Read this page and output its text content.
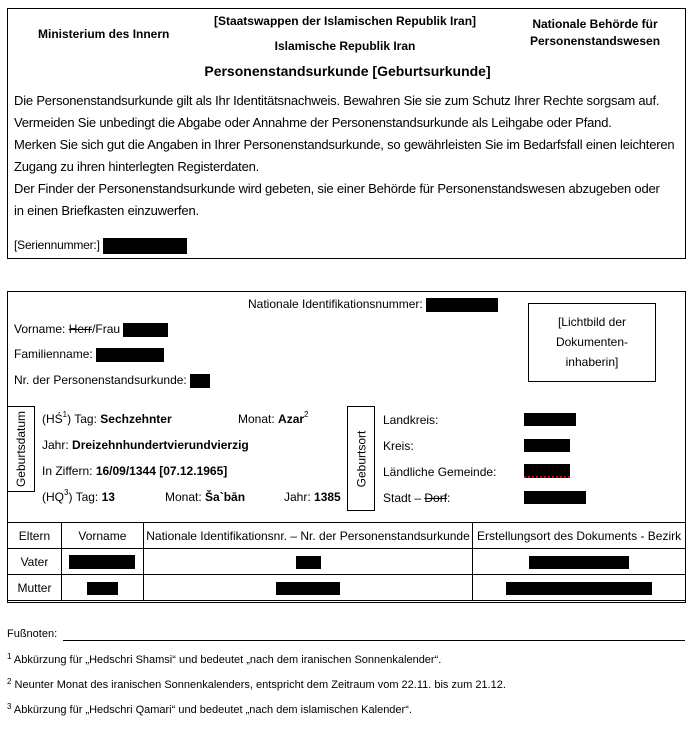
Ministerium des Innern
[Staatswappen der Islamischen Republik Iran]
Islamische Republik Iran
Nationale Behörde für
Personenstandswesen
Personenstandsurkunde [Geburtsurkunde]
Die Personenstandsurkunde gilt als Ihr Identitätsnachweis. Bewahren Sie sie zum Schutz Ihrer Rechte sorgsam auf.
Vermeiden Sie unbedingt die Abgabe oder Annahme der Personenstandsurkunde als Leihgabe oder Pfand.
Merken Sie sich gut die Angaben in Ihrer Personenstandsurkunde, so gewährleisten Sie im Bedarfsfall einen leichteren
Zugang zu ihren hinterlegten Registerdaten.
Der Finder der Personenstandsurkunde wird gebeten, sie einer Behörde für Personenstandswesen abzugeben oder
in einen Briefkasten einzuwerfen.
[Seriennummer:]
Nationale Identifikationsnummer:
Vorname: Herr/Frau
Familienname:
Nr. der Personenstandsurkunde:
[Lichtbild der
Dokumenten-
inhaberin]
Geburtsdatum $(HŚ^1)$ Tag: Sechzehnter	Monat: Azar$^2$
Jahr: Dreizehnhundertvierundvierzig
In Ziffern: 16/09/1344 [07.12.1965]
$(HQ^3)$ Tag: 13	Monat: Ša`bān	Jahr: 1385
Geburtsort
Landkreis:
Kreis:
Ländliche Gemeinde:
Stadt – Dorf:
Eltern	Vorname	Nationale Identifikationsnr. – Nr. der Personenstandsurkunde	Erstellungsort des Dokuments - Bezirk
Vater			
Mutter			
Fußnoten:
$^1$ Abkürzung für „Hedschri Shamsi“ und bedeutet „nach dem iranischen Sonnenkalender“.
$^2$ Neunter Monat des iranischen Sonnenkalenders, entspricht dem Zeitraum vom 22.11. bis zum 21.12.
$^3$ Abkürzung für „Hedschri Qamari“ und bedeutet „nach dem islamischen Kalender“.
